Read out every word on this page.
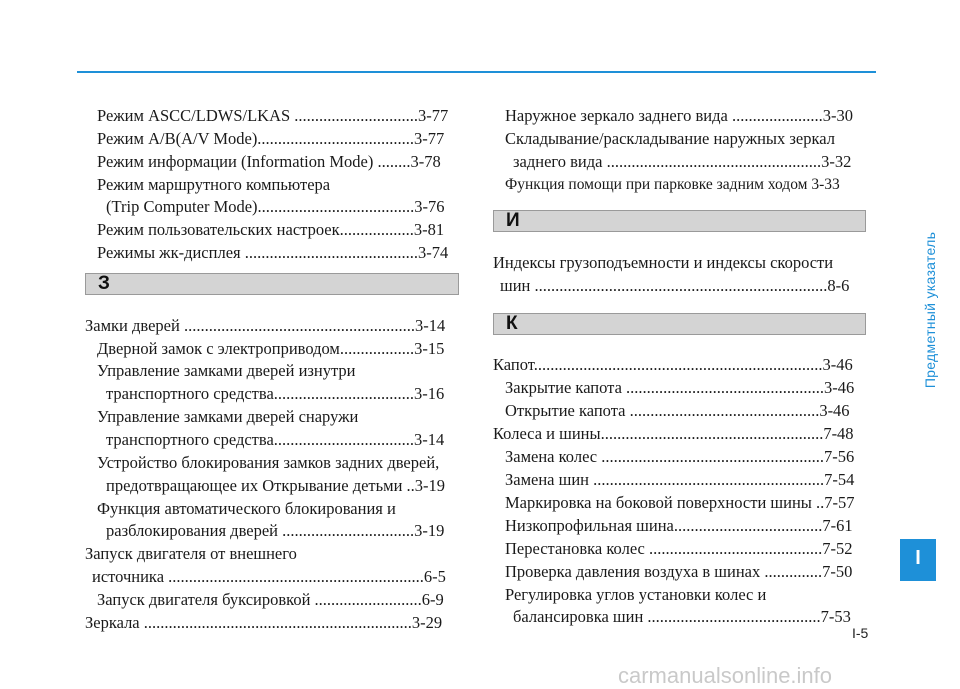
Режим ASCC/LDWS/LKAS ..............................3-77
Режим A/B(A/V Mode)......................................3-77
Режим информации (Information Mode) ........3-78
Режим маршрутного компьютера
(Trip Computer Mode)......................................3-76
Режим пользовательских настроек..................3-81
Режимы жк-дисплея ..........................................3-74
З
Замки дверей ........................................................3-14
Дверной замок с электроприводом..................3-15
Управление замками дверей изнутри
транспортного средства..................................3-16
Управление замками дверей снаружи
транспортного средства..................................3-14
Устройство блокирования замков задних дверей,
предотвращающее их Открывание детьми ..3-19
Функция автоматического блокирования и
разблокирования дверей ................................3-19
Запуск двигателя от внешнего
источника ..............................................................6-5
Запуск двигателя буксировкой ..........................6-9
Зеркала .................................................................3-29
Наружное зеркало заднего вида ......................3-30
Складывание/раскладывание наружных зеркал
заднего вида ....................................................3-32
Функция помощи при парковке задним ходом 3-33
И
Индексы грузоподъемности и индексы скорости
шин .......................................................................8-6
К
Капот......................................................................3-46
Закрытие капота ................................................3-46
Открытие капота ..............................................3-46
Колеса и шины......................................................7-48
Замена колес ......................................................7-56
Замена шин ........................................................7-54
Маркировка на боковой поверхности шины ..7-57
Низкопрофильная шина....................................7-61
Перестановка колес ..........................................7-52
Проверка давления воздуха в шинах ..............7-50
Регулировка углов установки колес и
балансировка шин ..........................................7-53
Предметный указатель
I
I-5
carmanualsonline.info
